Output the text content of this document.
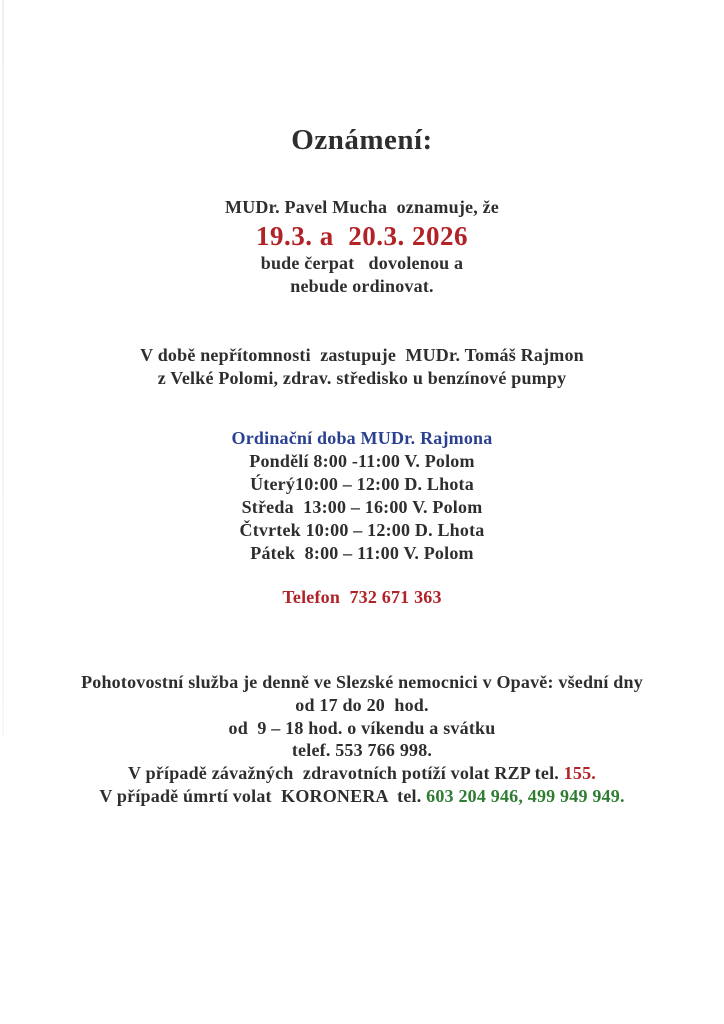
Oznámení:
MUDr. Pavel Mucha  oznamuje, že
19.3. a  20.3. 2026
bude čerpat   dovolenou a
nebude ordinovat.
V době nepřítomnosti  zastupuje  MUDr. Tomáš Rajmon
z Velké Polomi, zdrav. středisko u benzínové pumpy
Ordinační doba MUDr. Rajmona
Pondělí 8:00 -11:00 V. Polom
Úterý10:00 – 12:00 D. Lhota
Středa  13:00 – 16:00 V. Polom
Čtvrtek 10:00 – 12:00 D. Lhota
Pátek  8:00 – 11:00 V. Polom
Telefon  732 671 363
Pohotovostní služba je denně ve Slezské nemocnici v Opavě: všední dny
od 17 do 20  hod.
od  9 – 18 hod. o víkendu a svátku
telef. 553 766 998.
V případě závažných  zdravotních potíží volat RZP tel. 155.
V případě úmrtí volat  KORONERA  tel. 603 204 946, 499 949 949.
